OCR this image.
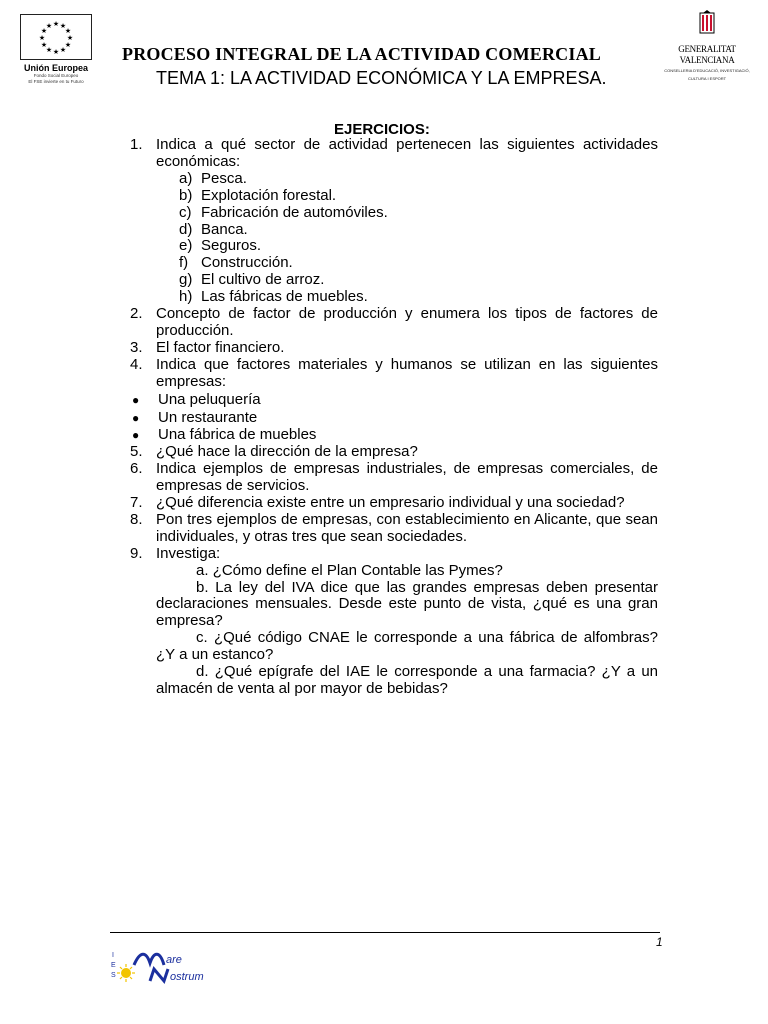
★ ★
★
★
★
★
★
★
★
★
★
★
Unión Europea
Fondo Social Europeo
El FSE invierte en tu Futuro
GENERALITAT
VALENCIANA
CONSELLERIA D'EDUCACIÓ, INVESTIGACIÓ,
CULTURA I ESPORT
PROCESO INTEGRAL DE LA ACTIVIDAD COMERCIAL
TEMA 1: LA ACTIVIDAD ECONÓMICA Y LA EMPRESA.
EJERCICIOS:
1. Indica a qué sector de actividad pertenecen las siguientes actividades económicas:
a) Pesca.
b) Explotación forestal.
c) Fabricación de automóviles.
d) Banca.
e) Seguros.
f) Construcción.
g) El cultivo de arroz.
h) Las fábricas de muebles.
2. Concepto de factor de producción y enumera los tipos de factores de producción.
3. El factor financiero.
4. Indica que factores materiales y humanos se utilizan en las siguientes empresas:
●	Una peluquería
●	Un restaurante
●	Una fábrica de muebles
5. ¿Qué hace la dirección de la empresa?
6. Indica ejemplos de empresas industriales, de empresas comerciales, de empresas de servicios.
7. ¿Qué diferencia existe entre un empresario individual y una sociedad?
8. Pon tres ejemplos de empresas, con establecimiento en Alicante, que sean individuales, y otras tres que sean sociedades.
9. Investiga:
a. ¿Cómo define el Plan Contable las Pymes?
b. La ley del IVA dice que las grandes empresas deben presentar declaraciones mensuales. Desde este punto de vista, ¿qué es una gran empresa?
c. ¿Qué código CNAE le corresponde a una fábrica de alfombras? ¿Y a un estanco?
d. ¿Qué epígrafe del IAE le corresponde a una farmacia? ¿Y a un almacén de venta al por mayor de bebidas?
1
I
E
S
are
ostrum
